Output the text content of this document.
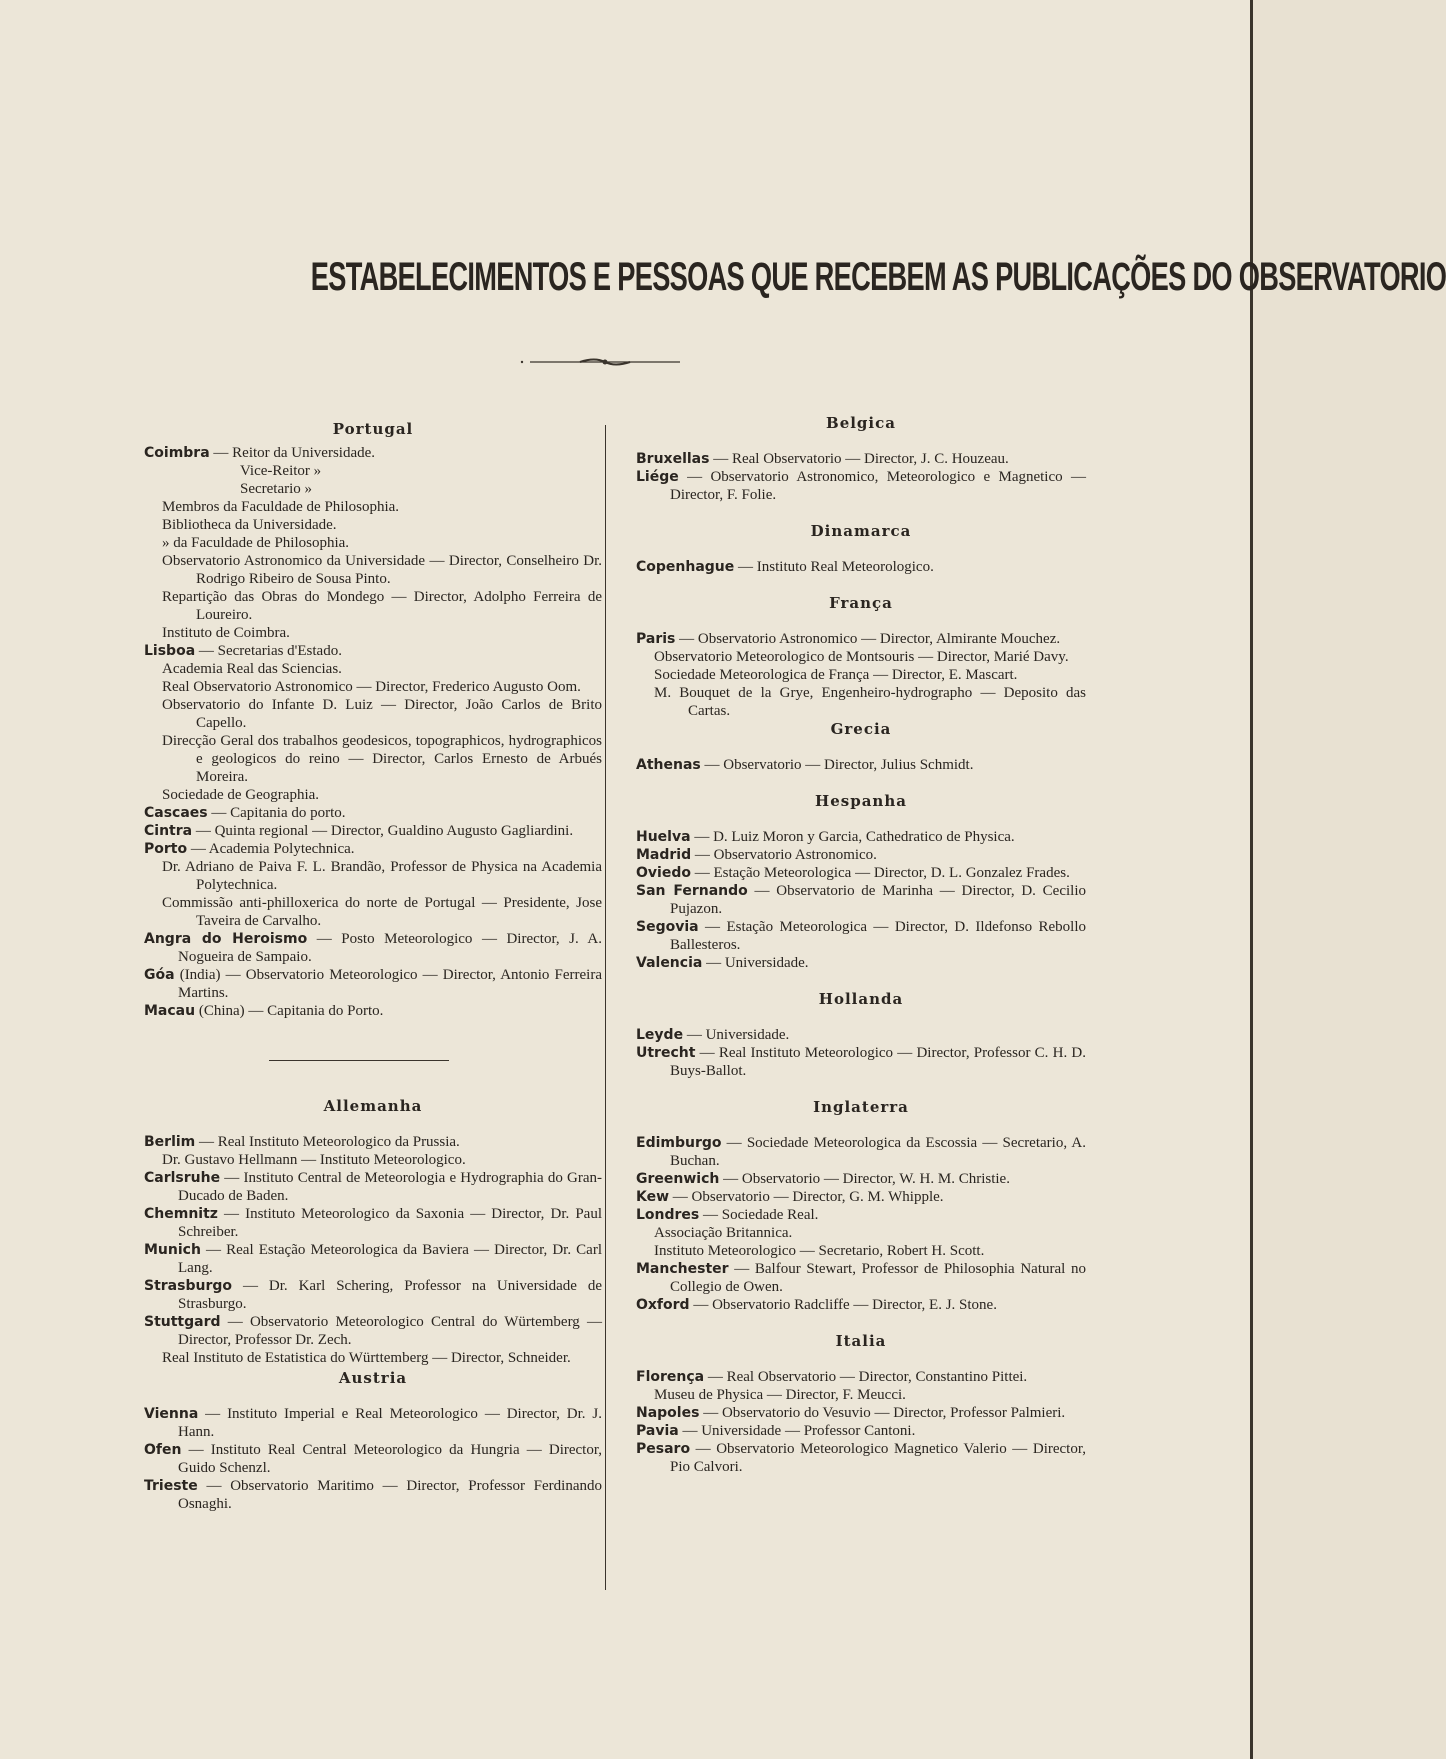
ESTABELECIMENTOS E PESSOAS QUE RECEBEM AS PUBLICAÇÕES DO OBSERVATORIO
Portugal

Coimbra — Reitor da Universidade.

Vice-Reitor »

Secretario »

Membros da Faculdade de Philosophia.

Bibliotheca da Universidade.

» da Faculdade de Philosophia.

Observatorio Astronomico da Universidade — Director, Conselheiro Dr. Rodrigo Ribeiro de Sousa Pinto.

Repartição das Obras do Mondego — Director, Adolpho Ferreira de Loureiro.

Instituto de Coimbra.

Lisboa — Secretarias d'Estado.

Academia Real das Sciencias.

Real Observatorio Astronomico — Director, Frederico Augusto Oom.

Observatorio do Infante D. Luiz — Director, João Carlos de Brito Capello.

Direcção Geral dos trabalhos geodesicos, topographicos, hydrographicos e geologicos do reino — Director, Carlos Ernesto de Arbués Moreira.

Sociedade de Geographia.

Cascaes — Capitania do porto.

Cintra — Quinta regional — Director, Gualdino Augusto Gagliardini.

Porto — Academia Polytechnica.

Dr. Adriano de Paiva F. L. Brandão, Professor de Physica na Academia Polytechnica.

Commissão anti-philloxerica do norte de Portugal — Presidente, Jose Taveira de Carvalho.

Angra do Heroismo — Posto Meteorologico — Director, J. A. Nogueira de Sampaio.

Góa (India) — Observatorio Meteorologico — Director, Antonio Ferreira Martins.

Macau (China) — Capitania do Porto.

Allemanha

Berlim — Real Instituto Meteorologico da Prussia.

Dr. Gustavo Hellmann — Instituto Meteorologico.

Carlsruhe — Instituto Central de Meteorologia e Hydrographia do Gran-Ducado de Baden.

Chemnitz — Instituto Meteorologico da Saxonia — Director, Dr. Paul Schreiber.

Munich — Real Estação Meteorologica da Baviera — Director, Dr. Carl Lang.

Strasburgo — Dr. Karl Schering, Professor na Universidade de Strasburgo.

Stuttgard — Observatorio Meteorologico Central do Würtemberg — Director, Professor Dr. Zech.

Real Instituto de Estatistica do Württemberg — Director, Schneider.

Austria

Vienna — Instituto Imperial e Real Meteorologico — Director, Dr. J. Hann.

Ofen — Instituto Real Central Meteorologico da Hungria — Director, Guido Schenzl.

Trieste — Observatorio Maritimo — Director, Professor Ferdinando Osnaghi.

Belgica

Bruxellas — Real Observatorio — Director, J. C. Houzeau.

Liége — Observatorio Astronomico, Meteorologico e Magnetico — Director, F. Folie.

Dinamarca

Copenhague — Instituto Real Meteorologico.

França

Paris — Observatorio Astronomico — Director, Almirante Mouchez.

Observatorio Meteorologico de Montsouris — Director, Marié Davy.

Sociedade Meteorologica de França — Director, E. Mascart.

M. Bouquet de la Grye, Engenheiro-hydrographo — Deposito das Cartas.

Grecia

Athenas — Observatorio — Director, Julius Schmidt.

Hespanha

Huelva — D. Luiz Moron y Garcia, Cathedratico de Physica.

Madrid — Observatorio Astronomico.

Oviedo — Estação Meteorologica — Director, D. L. Gonzalez Frades.

San Fernando — Observatorio de Marinha — Director, D. Cecilio Pujazon.

Segovia — Estação Meteorologica — Director, D. Ildefonso Rebollo Ballesteros.

Valencia — Universidade.

Hollanda

Leyde — Universidade.

Utrecht — Real Instituto Meteorologico — Director, Professor C. H. D. Buys-Ballot.

Inglaterra

Edimburgo — Sociedade Meteorologica da Escossia — Secretario, A. Buchan.

Greenwich — Observatorio — Director, W. H. M. Christie.

Kew — Observatorio — Director, G. M. Whipple.

Londres — Sociedade Real.

Associação Britannica.

Instituto Meteorologico — Secretario, Robert H. Scott.

Manchester — Balfour Stewart, Professor de Philosophia Natural no Collegio de Owen.

Oxford — Observatorio Radcliffe — Director, E. J. Stone.

Italia

Florença — Real Observatorio — Director, Constantino Pittei.

Museu de Physica — Director, F. Meucci.

Napoles — Observatorio do Vesuvio — Director, Professor Palmieri.

Pavia — Universidade — Professor Cantoni.

Pesaro — Observatorio Meteorologico Magnetico Valerio — Director, Pio Calvori.
